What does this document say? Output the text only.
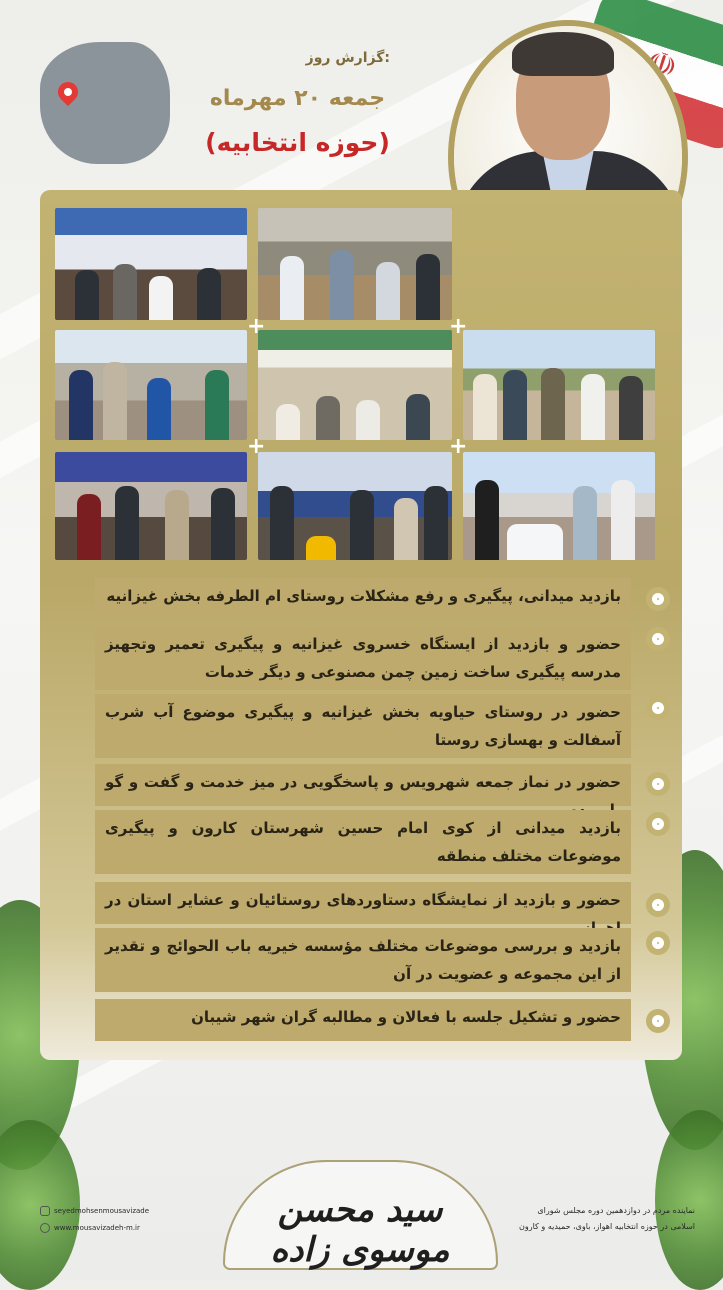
گزارش روز:
جمعه ۲۰ مهرماه
(حوزه انتخابیه)
+	+
+	+
بازدید میدانی، پیگیری و رفع مشکلات روستای ام الطرفه بخش غیزانیه
حضور و بازدید از ایستگاه خسروی غیزانیه و پیگیری تعمیر وتجهیز مدرسه پیگیری ساخت زمین چمن مصنوعی و دیگر خدمات
حضور در روستای حیاویه بخش غیزانیه و پیگیری موضوع آب شرب آسفالت و بهسازی روستا
حضور در نماز جمعه شهرویس و پاسخگویی در میز خدمت و گفت و گو
بازدید میدانی از کوی امام حسین شهرستان کارون و پیگیری موضوعات مختلف منطقه
حضور و بازدید از نمایشگاه دستاوردهای روستائیان و عشایر استان در
بازدید و بررسی موضوعات مختلف مؤسسه خیریه باب الحوائج و تقدیر از این مجموعه و عضویت در آن
حضور و تشکیل جلسه با فعالان و مطالبه گران شهر شیبان
سید محسن موسوی زاده
نماینده مردم در دوازدهمین دوره مجلس شورای
اسلامی در حوزه انتخابیه اهواز، باوی، حمیدیه و کارون
seyedmohsenmousavizade
www.mousavizadeh-m.ir
